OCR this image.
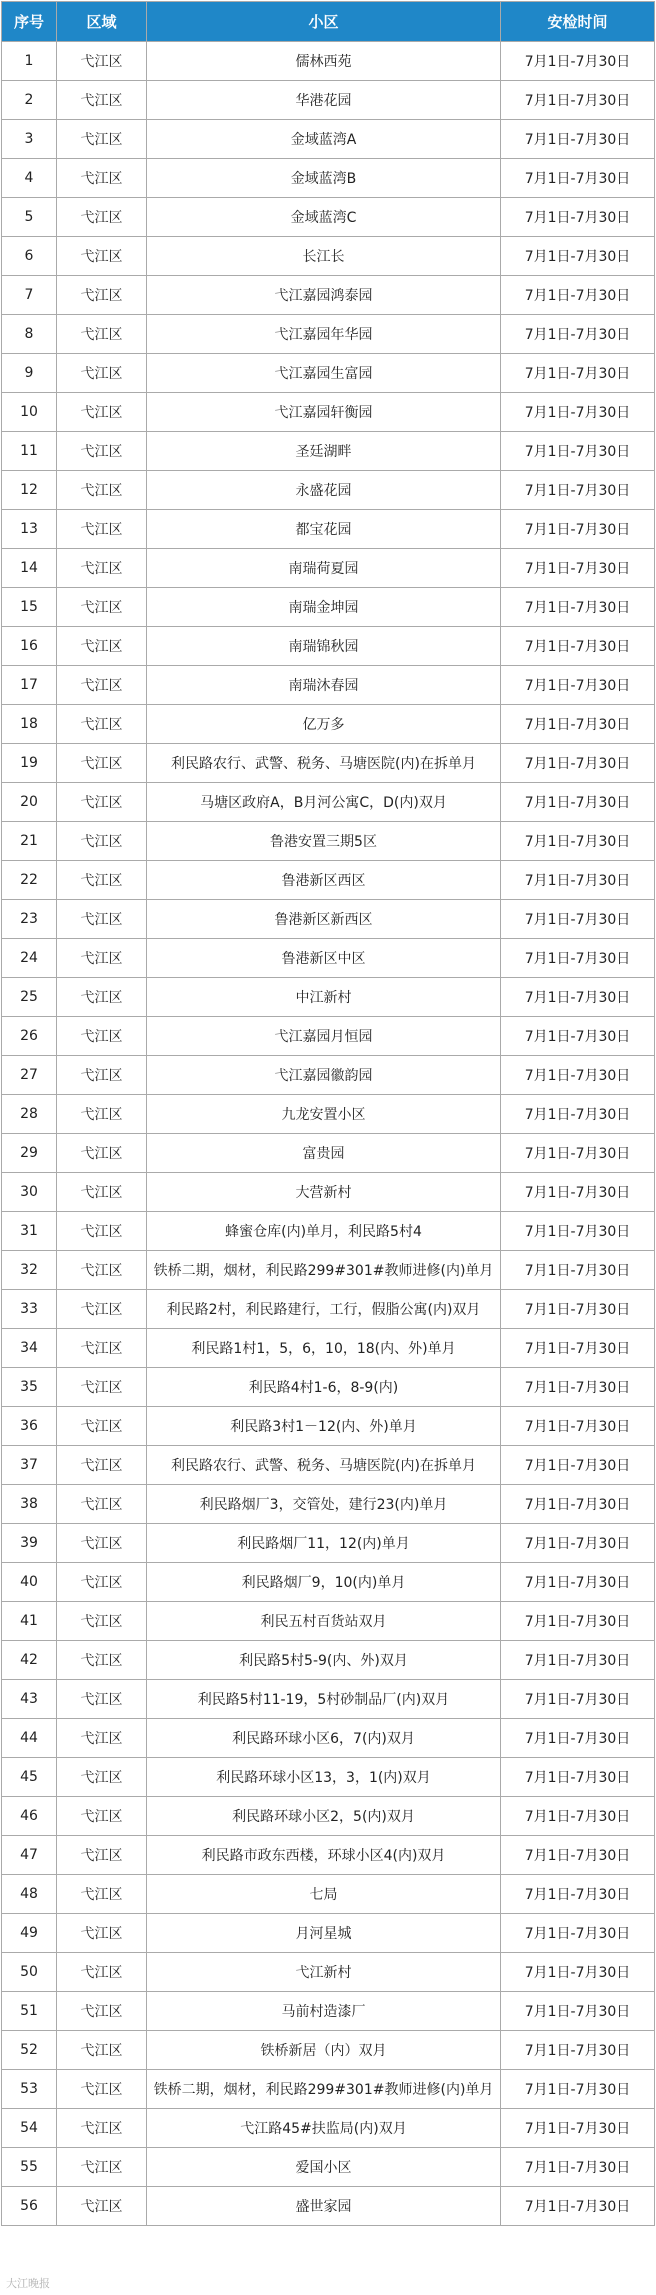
序号	区域	小区	安检时间
1	弋江区	儒林西苑	7月1日-7月30日
2	弋江区	华港花园	7月1日-7月30日
3	弋江区	金域蓝湾A	7月1日-7月30日
4	弋江区	金域蓝湾B	7月1日-7月30日
5	弋江区	金域蓝湾C	7月1日-7月30日
6	弋江区	长江长	7月1日-7月30日
7	弋江区	弋江嘉园鸿泰园	7月1日-7月30日
8	弋江区	弋江嘉园年华园	7月1日-7月30日
9	弋江区	弋江嘉园生富园	7月1日-7月30日
10	弋江区	弋江嘉园轩衡园	7月1日-7月30日
11	弋江区	圣廷湖畔	7月1日-7月30日
12	弋江区	永盛花园	7月1日-7月30日
13	弋江区	都宝花园	7月1日-7月30日
14	弋江区	南瑞荷夏园	7月1日-7月30日
15	弋江区	南瑞金坤园	7月1日-7月30日
16	弋江区	南瑞锦秋园	7月1日-7月30日
17	弋江区	南瑞沐春园	7月1日-7月30日
18	弋江区	亿万多	7月1日-7月30日
19	弋江区	利民路农行、武警、税务、马塘医院(内)在拆单月	7月1日-7月30日
20	弋江区	马塘区政府A，B月河公寓C，D(内)双月	7月1日-7月30日
21	弋江区	鲁港安置三期5区	7月1日-7月30日
22	弋江区	鲁港新区西区	7月1日-7月30日
23	弋江区	鲁港新区新西区	7月1日-7月30日
24	弋江区	鲁港新区中区	7月1日-7月30日
25	弋江区	中江新村	7月1日-7月30日
26	弋江区	弋江嘉园月恒园	7月1日-7月30日
27	弋江区	弋江嘉园徽韵园	7月1日-7月30日
28	弋江区	九龙安置小区	7月1日-7月30日
29	弋江区	富贵园	7月1日-7月30日
30	弋江区	大营新村	7月1日-7月30日
31	弋江区	蜂蜜仓库(内)单月，利民路5村4	7月1日-7月30日
32	弋江区	铁桥二期，烟材，利民路299#301#教师进修(内)单月	7月1日-7月30日
33	弋江区	利民路2村，利民路建行，工行，假脂公寓(内)双月	7月1日-7月30日
34	弋江区	利民路1村1，5，6，10，18(内、外)单月	7月1日-7月30日
35	弋江区	利民路4村1-6，8-9(内)	7月1日-7月30日
36	弋江区	利民路3村1－12(内、外)单月	7月1日-7月30日
37	弋江区	利民路农行、武警、税务、马塘医院(内)在拆单月	7月1日-7月30日
38	弋江区	利民路烟厂3，交管处，建行23(内)单月	7月1日-7月30日
39	弋江区	利民路烟厂11，12(内)单月	7月1日-7月30日
40	弋江区	利民路烟厂9，10(内)单月	7月1日-7月30日
41	弋江区	利民五村百货站双月	7月1日-7月30日
42	弋江区	利民路5村5-9(内、外)双月	7月1日-7月30日
43	弋江区	利民路5村11-19，5村砂制品厂(内)双月	7月1日-7月30日
44	弋江区	利民路环球小区6，7(内)双月	7月1日-7月30日
45	弋江区	利民路环球小区13，3，1(内)双月	7月1日-7月30日
46	弋江区	利民路环球小区2，5(内)双月	7月1日-7月30日
47	弋江区	利民路市政东西楼，环球小区4(内)双月	7月1日-7月30日
48	弋江区	七局	7月1日-7月30日
49	弋江区	月河星城	7月1日-7月30日
50	弋江区	弋江新村	7月1日-7月30日
51	弋江区	马前村造漆厂	7月1日-7月30日
52	弋江区	铁桥新居（内）双月	7月1日-7月30日
53	弋江区	铁桥二期，烟材，利民路299#301#教师进修(内)单月	7月1日-7月30日
54	弋江区	弋江路45#扶监局(内)双月	7月1日-7月30日
55	弋江区	爱国小区	7月1日-7月30日
56	弋江区	盛世家园	7月1日-7月30日
大江晚报
